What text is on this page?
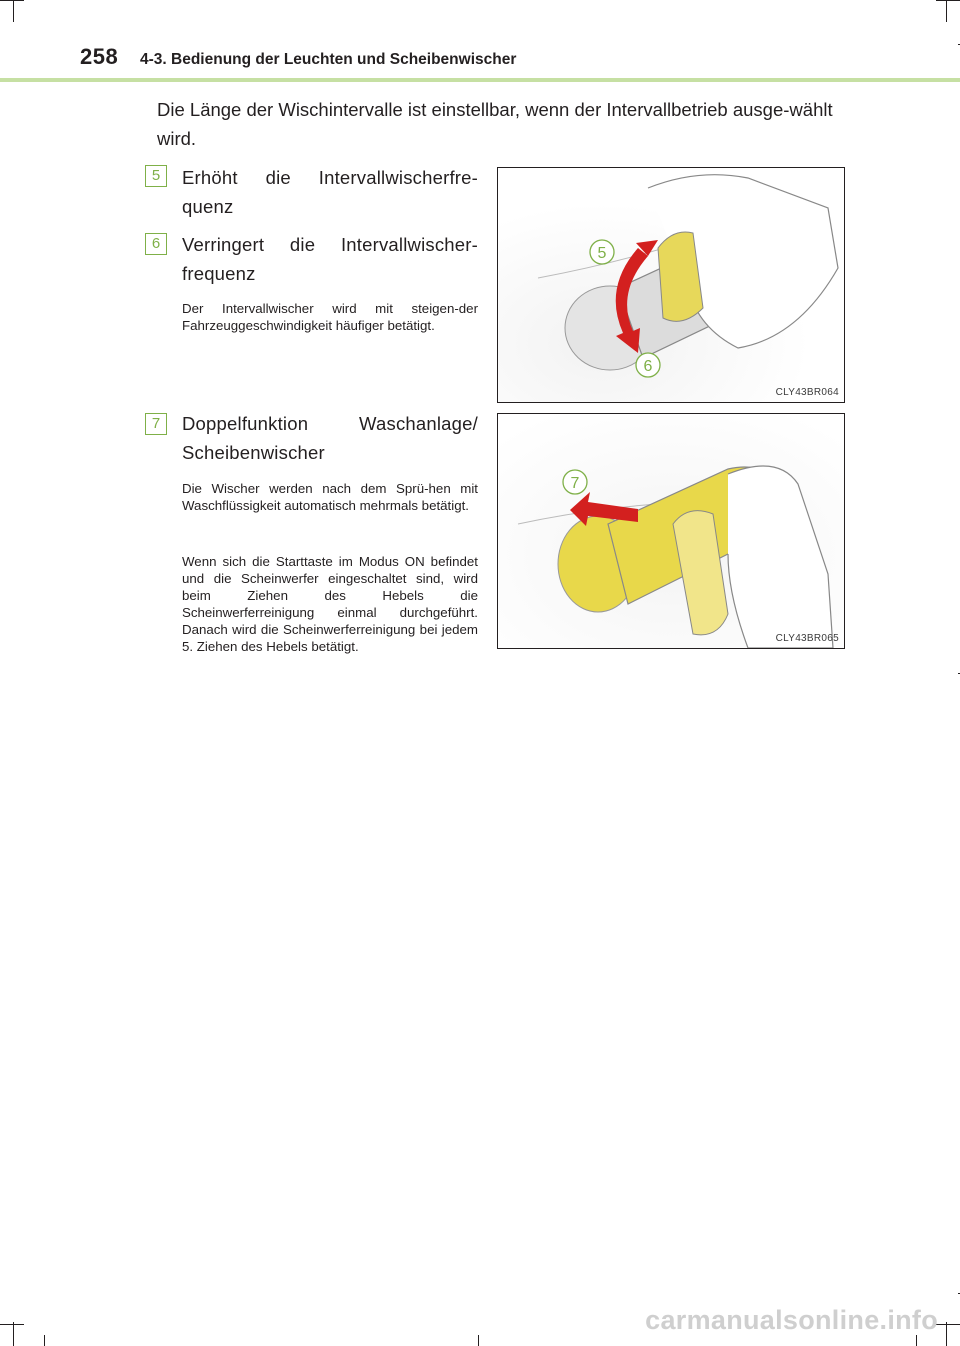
258 4-3. Bedienung der Leuchten und Scheibenwischer
Die Länge der Wischintervalle ist einstellbar, wenn der Intervallbetrieb ausge-wählt wird.
5	Erhöht die Intervallwischerfre-quenz
6	Verringert die Intervallwischer-frequenz
Der Intervallwischer wird mit steigen-der Fahrzeuggeschwindigkeit häufiger betätigt.
7	Doppelfunktion Waschanlage/ Scheibenwischer
Die Wischer werden nach dem Sprü-hen mit Waschflüssigkeit automatisch mehrmals betätigt.
Wenn sich die Starttaste im Modus ON befindet und die Scheinwerfer eingeschaltet sind, wird beim Ziehen des Hebels die Scheinwerferreinigung einmal durchgeführt. Danach wird die Scheinwerferreinigung bei jedem 5. Ziehen des Hebels betätigt.
5
6
CLY43BR064
7
CLY43BR065
carmanualsonline.info
